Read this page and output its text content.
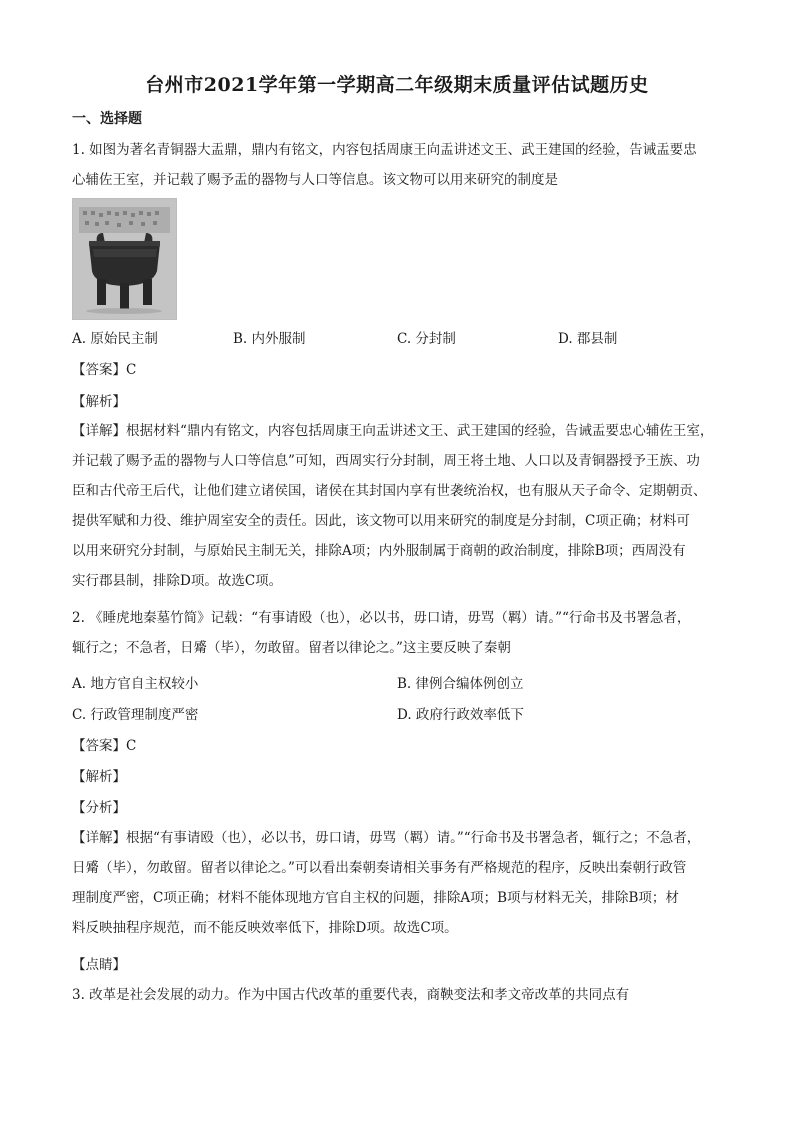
台州市2021学年第一学期高二年级期末质量评估试题历史
一、选择题
1. 如图为著名青铜器大盂鼎，鼎内有铭文，内容包括周康王向盂讲述文王、武王建国的经验，告诫盂要忠
心辅佐王室，并记载了赐予盂的器物与人口等信息。该文物可以用来研究的制度是
A. 原始民主制	B. 内外服制	C. 分封制	D. 郡县制
【答案】C
【解析】
【详解】根据材料“鼎内有铭文，内容包括周康王向盂讲述文王、武王建国的经验，告诫盂要忠心辅佐王室，
并记载了赐予盂的器物与人口等信息”可知，西周实行分封制，周王将土地、人口以及青铜器授予王族、功
臣和古代帝王后代，让他们建立诸侯国，诸侯在其封国内享有世袭统治权，也有服从天子命令、定期朝贡、
提供军赋和力役、维护周室安全的责任。因此，该文物可以用来研究的制度是分封制，C项正确；材料可
以用来研究分封制，与原始民主制无关，排除A项；内外服制属于商朝的政治制度，排除B项；西周没有
实行郡县制，排除D项。故选C项。
2. 《睡虎地秦墓竹简》记载：“有事请殴（也），必以书，毋口请，毋骂（羁）请。”“行命书及书署急者，
辄行之；不急者，日觱（毕），勿敢留。留者以律论之。”这主要反映了秦朝
A. 地方官自主权较小	B. 律例合编体例创立
C. 行政管理制度严密	D. 政府行政效率低下
【答案】C
【解析】
【分析】
【详解】根据“有事请殴（也），必以书，毋口请，毋骂（羁）请。”“行命书及书署急者，辄行之；不急者，
日觱（毕），勿敢留。留者以律论之。”可以看出秦朝奏请相关事务有严格规范的程序，反映出秦朝行政管
理制度严密，C项正确；材料不能体现地方官自主权的问题，排除A项；B项与材料无关，排除B项；材
料反映抽程序规范，而不能反映效率低下，排除D项。故选C项。
【点睛】
3. 改革是社会发展的动力。作为中国古代改革的重要代表，商鞅变法和孝文帝改革的共同点有
